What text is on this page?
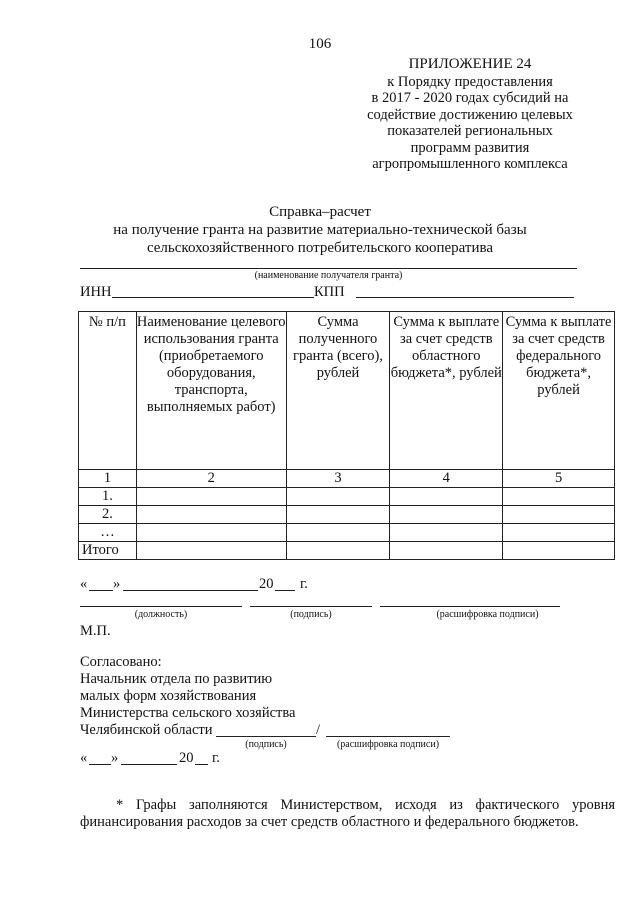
106
ПРИЛОЖЕНИЕ 24
к Порядку предоставления
в 2017 - 2020 годах субсидий на
содействие достижению целевых
показателей региональных
программ развития
агропромышленного комплекса
Справка–расчет
на получение гранта на развитие материально-технической базы
сельскохозяйственного потребительского кооператива
(наименование получателя гранта)
ИНН	КПП
№ п/п	Наименование целевого использования гранта (приобретаемого оборудования, транспорта, выполняемых работ)	Сумма полученного гранта (всего), рублей	Сумма к выплате за счет средств областного бюджета*, рублей	Сумма к выплате за счет средств федерального бюджета*, рублей
1	2	3	4	5
1.				
2.				
…				
Итого				
« »	20 г.
(должность)	(подпись)	(расшифровка подписи)
М.П.
Согласовано:
Начальник отдела по развитию
малых форм хозяйствования
Министерства сельского хозяйства
Челябинской области	/
(подпись)	(расшифровка подписи)
« »	20 г.
* Графы заполняются Министерством, исходя из фактического уровня финансирования расходов за счет средств областного и федерального бюджетов.
